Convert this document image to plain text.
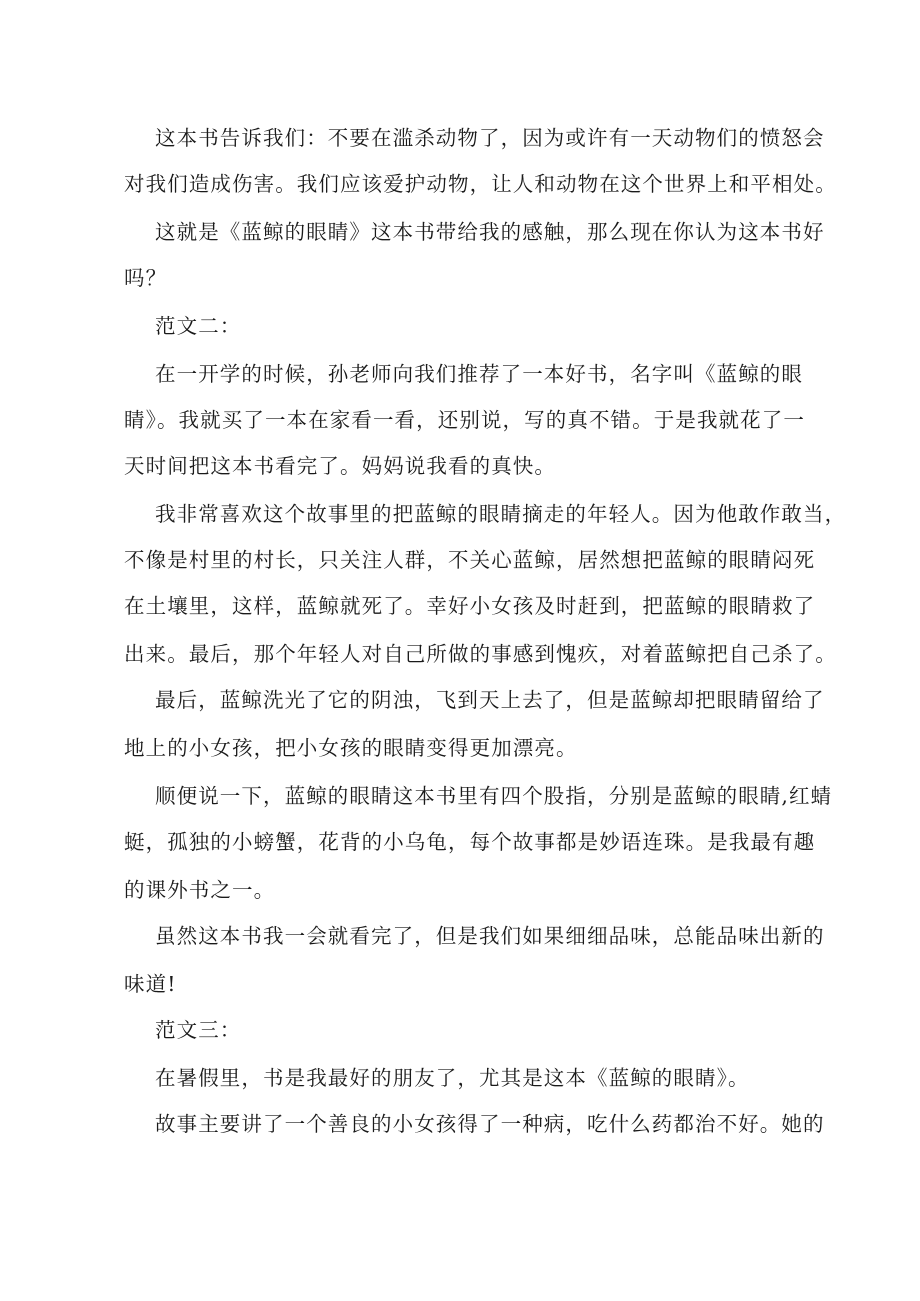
这本书告诉我们：不要在滥杀动物了，因为或许有一天动物们的愤怒会
对我们造成伤害。我们应该爱护动物，让人和动物在这个世界上和平相处。
这就是《蓝鲸的眼睛》这本书带给我的感触，那么现在你认为这本书好
吗？
范文二：
在一开学的时候，孙老师向我们推荐了一本好书，名字叫《蓝鲸的眼
睛》。我就买了一本在家看一看，还别说，写的真不错。于是我就花了一
天时间把这本书看完了。妈妈说我看的真快。
我非常喜欢这个故事里的把蓝鲸的眼睛摘走的年轻人。因为他敢作敢当，
不像是村里的村长，只关注人群，不关心蓝鲸，居然想把蓝鲸的眼睛闷死
在土壤里，这样，蓝鲸就死了。幸好小女孩及时赶到，把蓝鲸的眼睛救了
出来。最后，那个年轻人对自己所做的事感到愧疚，对着蓝鲸把自己杀了。
最后，蓝鲸洗光了它的阴浊，飞到天上去了，但是蓝鲸却把眼睛留给了
地上的小女孩，把小女孩的眼睛变得更加漂亮。
顺便说一下，蓝鲸的眼睛这本书里有四个股指，分别是蓝鲸的眼睛,红蜻
蜓，孤独的小螃蟹，花背的小乌龟，每个故事都是妙语连珠。是我最有趣
的课外书之一。
虽然这本书我一会就看完了，但是我们如果细细品味，总能品味出新的
味道!
范文三：
在暑假里，书是我最好的朋友了，尤其是这本《蓝鲸的眼睛》。
故事主要讲了一个善良的小女孩得了一种病，吃什么药都治不好。她的
